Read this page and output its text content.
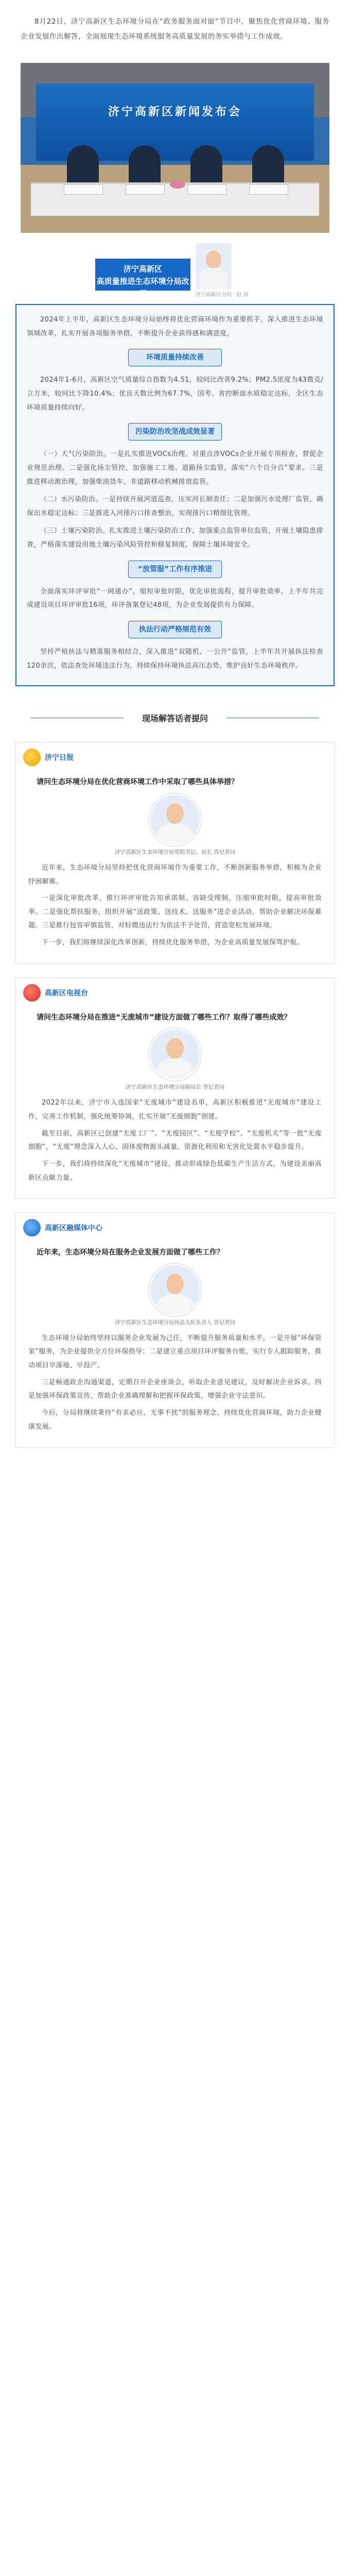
8月22日，济宁高新区生态环境分局在“政务服务面对面”节目中，聚焦优化营商环境、服务企业发展作出解答，全面展现生态环境系统服务高质量发展的务实举措与工作成效。

济宁高新区新闻发布会
济宁高新区
高质量推进生态环境分局改革	济宁高新区分局 · 赵 涛

2024年上半年，高新区生态环境分局始终将优化营商环境作为重要抓手，深入推进生态环境领域改革，扎实开展各项服务举措，不断提升企业获得感和满意度。

环境质量持续改善

2024年1-6月，高新区空气质量综合指数为4.51，较同比改善9.2%；PM2.5浓度为43微克/立方米，较同比下降10.4%；优良天数比例为67.7%，国考、省控断面水质稳定达标，全区生态环境质量持续向好。

污染防治攻坚战成效显著

（一）大气污染防治。一是扎实推进VOCs治理，对重点涉VOCs企业开展专项检查，督促企业规范治理。二是强化扬尘管控，加强施工工地、道路扬尘监管，落实“六个百分百”要求。三是推进移动源治理，加强柴油货车、非道路移动机械排放监管。

（二）水污染防治。一是持续开展河道巡查，压实河长制责任；二是加强污水处理厂监管，确保出水稳定达标；三是推进入河排污口排查整治，实现排污口精细化管理。

（三）土壤污染防治。扎实推进土壤污染防治工作，加强重点监管单位监管，开展土壤隐患排查，严格落实建设用地土壤污染风险管控和修复制度，保障土壤环境安全。

“放管服”工作有序推进

全面落实环评审批“一网通办”，缩短审批时限，优化审批流程，提升审批效率。上半年共完成建设项目环评审批16项，环评备案登记48项，为企业发展提供有力保障。

执法行动严格规范有效

坚持严格执法与精准服务相结合，深入推进“双随机、一公开”监管，上半年共开展执法检查120余次，依法查处环境违法行为，持续保持环境执法高压态势，维护良好生态环境秩序。

现场解答话者提问
济宁日报
请问生态环境分局在优化营商环境工作中采取了哪些具体举措？
济宁高新区生态环境分局党组书记、局长 答记者问

近年来，生态环境分局坚持把优化营商环境作为重要工作，不断创新服务举措，积极为企业纾困解难。

一是深化审批改革，推行环评审批告知承诺制、容缺受理制，压缩审批时限，提高审批效率。二是强化帮扶服务，组织开展“送政策、送技术、送服务”进企业活动，帮助企业解决环保难题。三是推行包容审慎监管，对轻微违法行为依法不予处罚，营造宽松发展环境。

下一步，我们将继续深化改革创新，持续优化服务举措，为企业高质量发展保驾护航。

高新区电视台
请问生态环境分局在推进“无废城市”建设方面做了哪些工作？取得了哪些成效？
济宁高新区生态环境分局副局长 答记者问

2022年以来，济宁市入选国家“无废城市”建设名单，高新区积极推进“无废城市”建设工作，完善工作机制，强化统筹协调，扎实开展“无废细胞”创建。

截至目前，高新区已创建“无废工厂”、“无废园区”、“无废学校”、“无废机关”等一批“无废细胞”，“无废”理念深入人心，固体废物源头减量、资源化利用和无害化处置水平稳步提升。

下一步，我们将持续深化“无废城市”建设，推动形成绿色低碳生产生活方式，为建设美丽高新区贡献力量。

高新区融媒体中心
近年来，生态环境分局在服务企业发展方面做了哪些工作？
济宁高新区生态环境分局执法大队负责人 答记者问

生态环境分局始终坚持以服务企业发展为己任，不断提升服务质量和水平。一是开展“环保管家”服务，为企业提供全方位环保指导；二是建立重点项目环评服务台账，实行专人跟踪服务，推动项目早落地、早投产。

三是畅通政企沟通渠道，定期召开企业座谈会，听取企业意见建议，及时解决企业诉求。四是加强环保政策宣传，帮助企业准确理解和把握环保政策，增强企业守法意识。

今后，分局将继续秉持“有求必应、无事不扰”的服务理念，持续优化营商环境，助力企业健康发展。
